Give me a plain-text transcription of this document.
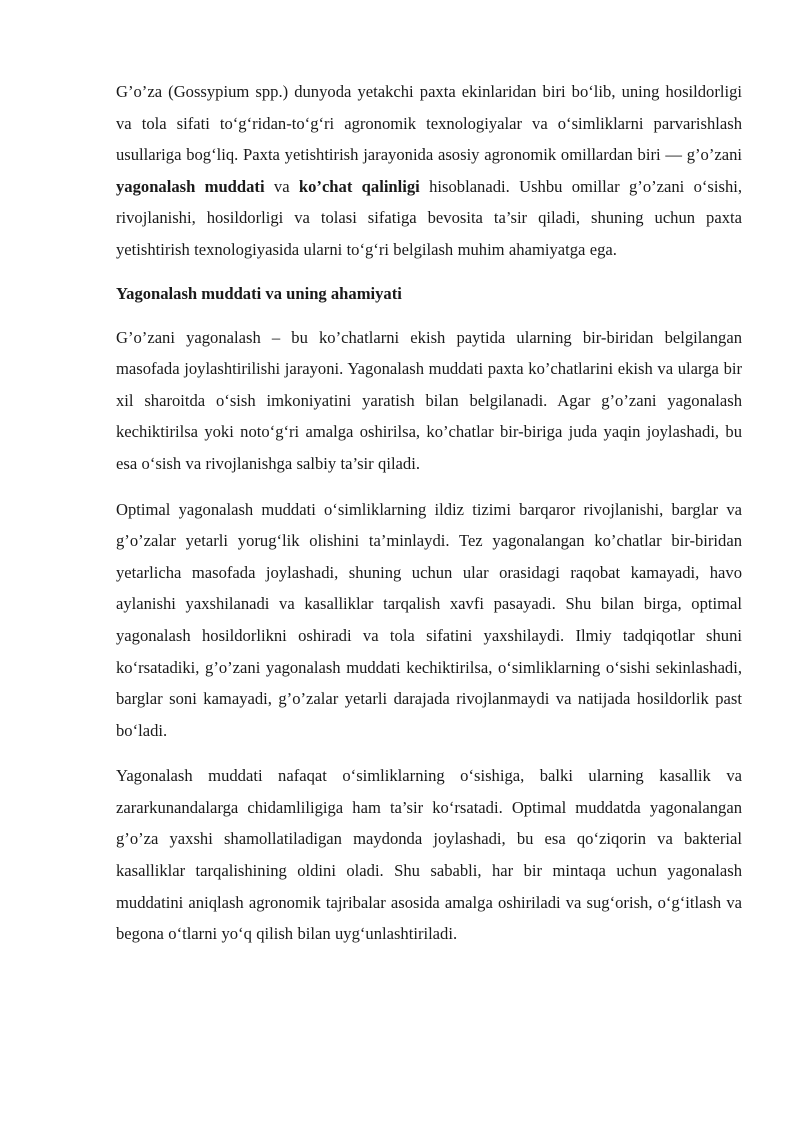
G’o’za (Gossypium spp.) dunyoda yetakchi paxta ekinlaridan biri bo‘lib, uning hosildorligi va tola sifati to‘g‘ridan-to‘g‘ri agronomik texnologiyalar va o‘simliklarni parvarishlash usullariga bog‘liq. Paxta yetishtirish jarayonida asosiy agronomik omillardan biri — g’o’zani yagonalash muddati va ko’chat qalinligi hisoblanadi. Ushbu omillar g’o’zani o‘sishi, rivojlanishi, hosildorligi va tolasi sifatiga bevosita ta’sir qiladi, shuning uchun paxta yetishtirish texnologiyasida ularni to‘g‘ri belgilash muhim ahamiyatga ega.

Yagonalash muddati va uning ahamiyati

G’o’zani yagonalash – bu ko’chatlarni ekish paytida ularning bir-biridan belgilangan masofada joylashtirilishi jarayoni. Yagonalash muddati paxta ko’chatlarini ekish va ularga bir xil sharoitda o‘sish imkoniyatini yaratish bilan belgilanadi. Agar g’o’zani yagonalash kechiktirilsa yoki noto‘g‘ri amalga oshirilsa, ko’chatlar bir-biriga juda yaqin joylashadi, bu esa o‘sish va rivojlanishga salbiy ta’sir qiladi.

Optimal yagonalash muddati o‘simliklarning ildiz tizimi barqaror rivojlanishi, barglar va g’o’zalar yetarli yorug‘lik olishini ta’minlaydi. Tez yagonalangan ko’chatlar bir-biridan yetarlicha masofada joylashadi, shuning uchun ular orasidagi raqobat kamayadi, havo aylanishi yaxshilanadi va kasalliklar tarqalish xavfi pasayadi. Shu bilan birga, optimal yagonalash hosildorlikni oshiradi va tola sifatini yaxshilaydi. Ilmiy tadqiqotlar shuni ko‘rsatadiki, g’o’zani yagonalash muddati kechiktirilsa, o‘simliklarning o‘sishi sekinlashadi, barglar soni kamayadi, g’o’zalar yetarli darajada rivojlanmaydi va natijada hosildorlik past bo‘ladi.

Yagonalash muddati nafaqat o‘simliklarning o‘sishiga, balki ularning kasallik va zararkunandalarga chidamliligiga ham ta’sir ko‘rsatadi. Optimal muddatda yagonalangan g’o’za yaxshi shamollatiladigan maydonda joylashadi, bu esa qo‘ziqorin va bakterial kasalliklar tarqalishining oldini oladi. Shu sababli, har bir mintaqa uchun yagonalash muddatini aniqlash agronomik tajribalar asosida amalga oshiriladi va sug‘orish, o‘g‘itlash va begona o‘tlarni yo‘q qilish bilan uyg‘unlashtiriladi.
